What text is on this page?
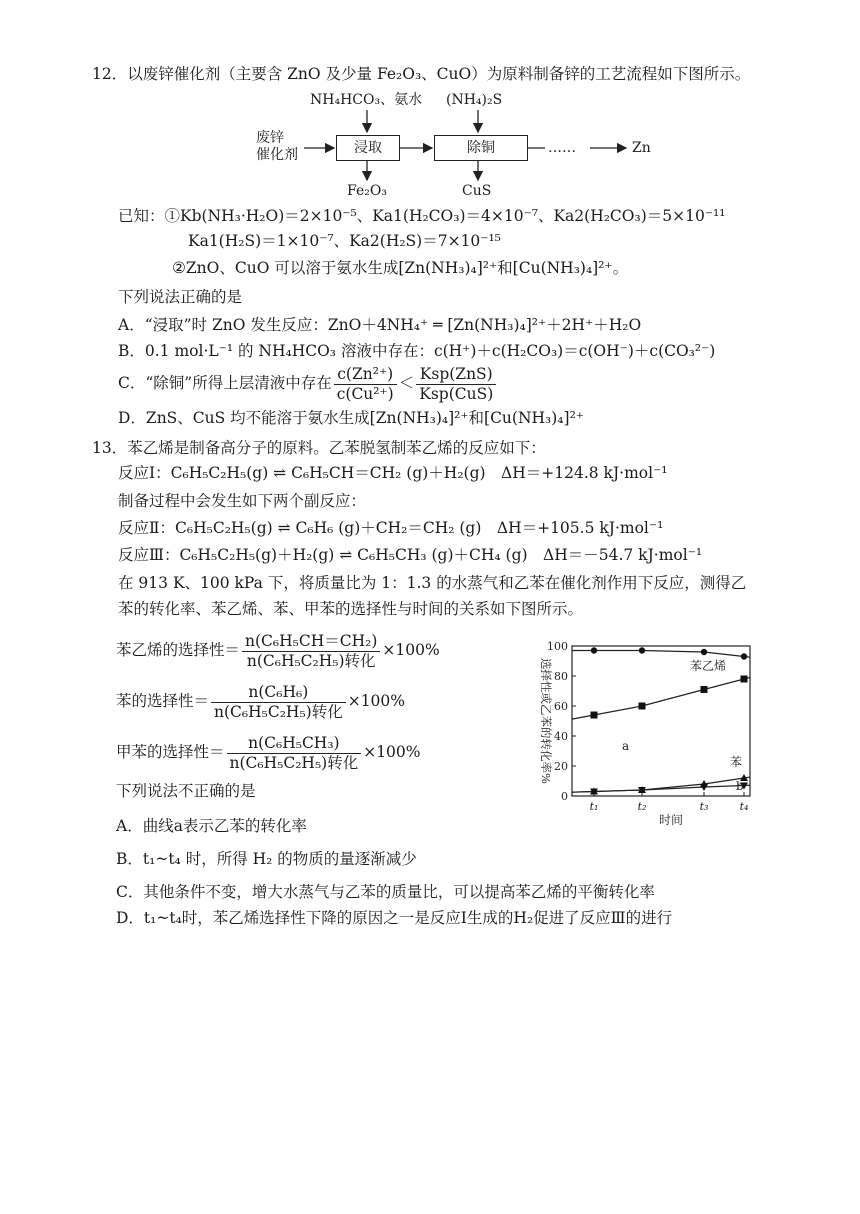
12．以废锌催化剂（主要含 ZnO 及少量 Fe₂O₃、CuO）为原料制备锌的工艺流程如下图所示。
NH₄HCO₃、氨水 (NH₄)₂S
废锌
催化剂	浸取	除铜
Fe₂O₃	CuS
……	Zn
已知：①Kb(NH₃·H₂O)＝2×10⁻⁵、Ka1(H₂CO₃)＝4×10⁻⁷、Ka2(H₂CO₃)＝5×10⁻¹¹
Ka1(H₂S)＝1×10⁻⁷、Ka2(H₂S)＝7×10⁻¹⁵
②ZnO、CuO 可以溶于氨水生成[Zn(NH₃)₄]²⁺和[Cu(NH₃)₄]²⁺。
下列说法正确的是
A．“浸取”时 ZnO 发生反应：ZnO＋4NH₄⁺ ═ [Zn(NH₃)₄]²⁺＋2H⁺＋H₂O
B．0.1 mol·L⁻¹ 的 NH₄HCO₃ 溶液中存在：c(H⁺)＋c(H₂CO₃)＝c(OH⁻)＋c(CO₃²⁻)
C．“除铜”所得上层清液中存在 $\frac{\text{c(Zn²⁺)}}{\text{c(Cu²⁺)}} < \frac{\text{Ksp(ZnS)}}{\text{Ksp(CuS)}}$
D．ZnS、CuS 均不能溶于氨水生成[Zn(NH₃)₄]²⁺和[Cu(NH₃)₄]²⁺
13．苯乙烯是制备高分子的原料。乙苯脱氢制苯乙烯的反应如下：
反应Ⅰ：C₆H₅C₂H₅(g) ⇌ C₆H₅CH＝CH₂ (g)＋H₂(g)　ΔH＝+124.8 kJ·mol⁻¹
制备过程中会发生如下两个副反应：
反应Ⅱ：C₆H₅C₂H₅(g) ⇌ C₆H₆ (g)＋CH₂＝CH₂ (g)　ΔH＝+105.5 kJ·mol⁻¹
反应Ⅲ：C₆H₅C₂H₅(g)＋H₂(g) ⇌ C₆H₅CH₃ (g)＋CH₄ (g)　ΔH＝－54.7 kJ·mol⁻¹
在 913 K、100 kPa 下，将质量比为 1：1.3 的水蒸气和乙苯在催化剂作用下反应，测得乙
苯的转化率、苯乙烯、苯、甲苯的选择性与时间的关系如下图所示。
苯乙烯的选择性＝ $\frac{\text{n(C₆H₅CH＝CH₂)}}{\text{n(C₆H₅C₂H₅)转化}} \times 100\%$
苯的选择性＝ $\frac{\text{n(C₆H₆)}}{\text{n(C₆H₅C₂H₅)转化}} \times 100\%$
甲苯的选择性＝ $\frac{\text{n(C₆H₅CH₃)}}{\text{n(C₆H₅C₂H₅)转化}} \times 100\%$
下列说法不正确的是
A．曲线a表示乙苯的转化率
B．t₁~t₄ 时，所得 H₂ 的物质的量逐渐减少
C．其他条件不变，增大水蒸气与乙苯的质量比，可以提高苯乙烯的平衡转化率
D．t₁~t₄时，苯乙烯选择性下降的原因之一是反应Ⅰ生成的H₂促进了反应Ⅲ的进行
0
20
40
60
80
100
t₁	t₂	t₃	t₄
时间
选择性或乙苯的转化率%	苯乙烯
a
苯
b
